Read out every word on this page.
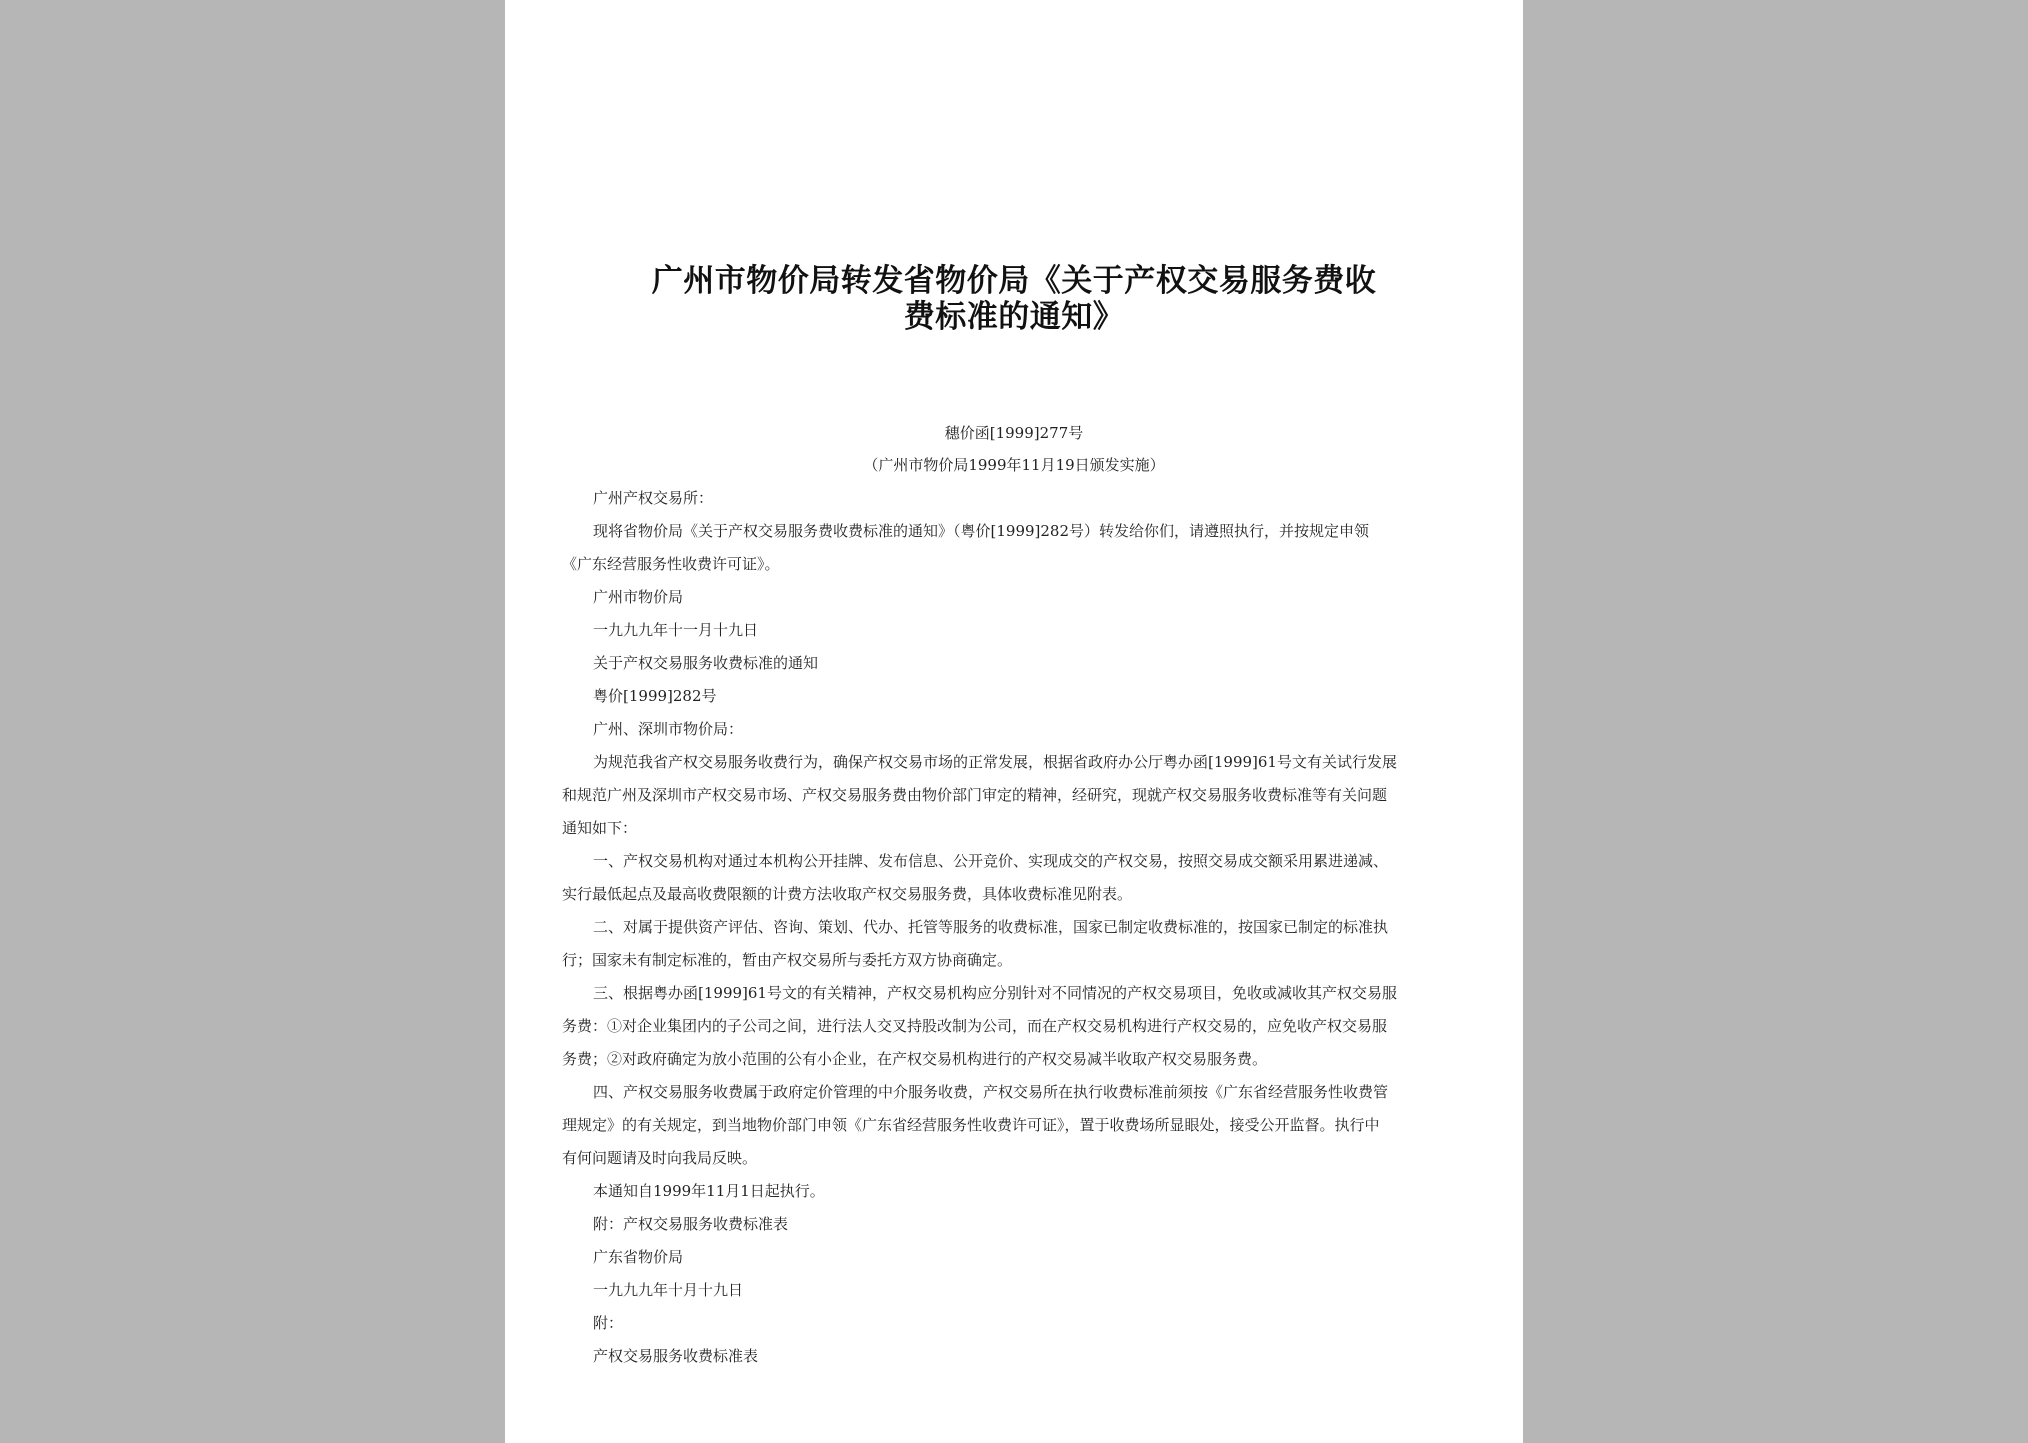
广州市物价局转发省物价局《关于产权交易服务费收
费标准的通知》
穗价函[1999]277号
（广州市物价局1999年11月19日颁发实施）
广州产权交易所：
现将省物价局《关于产权交易服务费收费标准的通知》（粤价[1999]282号）转发给你们，请遵照执行，并按规定申领
《广东经营服务性收费许可证》。
广州市物价局
一九九九年十一月十九日
关于产权交易服务收费标准的通知
粤价[1999]282号
广州、深圳市物价局：
为规范我省产权交易服务收费行为，确保产权交易市场的正常发展，根据省政府办公厅粤办函[1999]61号文有关试行发展
和规范广州及深圳市产权交易市场、产权交易服务费由物价部门审定的精神，经研究，现就产权交易服务收费标准等有关问题
通知如下：
一、产权交易机构对通过本机构公开挂牌、发布信息、公开竞价、实现成交的产权交易，按照交易成交额采用累进递减、
实行最低起点及最高收费限额的计费方法收取产权交易服务费，具体收费标准见附表。
二、对属于提供资产评估、咨询、策划、代办、托管等服务的收费标准，国家已制定收费标准的，按国家已制定的标准执
行；国家未有制定标准的，暂由产权交易所与委托方双方协商确定。
三、根据粤办函[1999]61号文的有关精神，产权交易机构应分别针对不同情况的产权交易项目，免收或减收其产权交易服
务费：①对企业集团内的子公司之间，进行法人交叉持股改制为公司，而在产权交易机构进行产权交易的，应免收产权交易服
务费；②对政府确定为放小范围的公有小企业，在产权交易机构进行的产权交易减半收取产权交易服务费。
四、产权交易服务收费属于政府定价管理的中介服务收费，产权交易所在执行收费标准前须按《广东省经营服务性收费管
理规定》的有关规定，到当地物价部门申领《广东省经营服务性收费许可证》，置于收费场所显眼处，接受公开监督。执行中
有何问题请及时向我局反映。
本通知自1999年11月1日起执行。
附：产权交易服务收费标准表
广东省物价局
一九九九年十月十九日
附：
产权交易服务收费标准表
